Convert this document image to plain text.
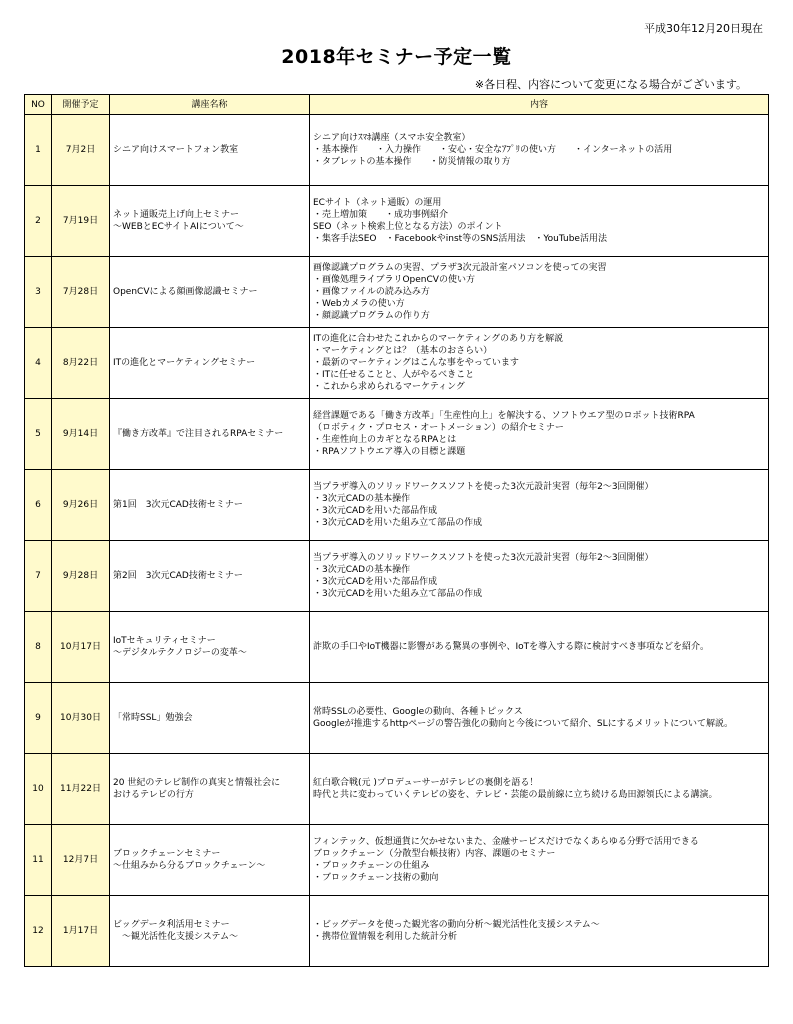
平成30年12月20日現在
2018年セミナー予定一覧
※各日程、内容について変更になる場合がございます。
NO	開催予定	講座名称	内容
1	7月2日	シニア向けスマートフォン教室	シニア向けｽﾏﾎ講座（スマホ安全教室）
・基本操作　　・入力操作　　・安心・安全なｱﾌﾟﾘの使い方　　・インターネットの活用
・タブレットの基本操作　　・防災情報の取り方
2	7月19日	ネット通販売上げ向上セミナー
～WEBとECサイトAIについて～	ECサイト（ネット通販）の運用
・売上増加策　　・成功事例紹介
SEO（ネット検索上位となる方法）のポイント
・集客手法SEO　・Facebookやinst等のSNS活用法　・YouTube活用法
3	7月28日	OpenCVによる顔画像認識セミナー	画像認識プログラムの実習、プラザ3次元設計室パソコンを使っての実習
・画像処理ライブラリOpenCVの使い方
・画像ファイルの読み込み方
・Webカメラの使い方
・顔認識プログラムの作り方
4	8月22日	ITの進化とマーケティングセミナー	ITの進化に合わせたこれからのマーケティングのあり方を解説
・マーケティングとは？（基本のおさらい）
・最新のマーケティングはこんな事をやっています
・ITに任せることと、人がやるべきこと
・これから求められるマーケティング
5	9月14日	『働き方改革』で注目されるRPAセミナー	経営課題である「働き方改革」「生産性向上」を解決する、ソフトウエア型のロボット技術RPA
（ロボティク・プロセス・オートメーション）の紹介セミナー
・生産性向上のカギとなるRPAとは
・RPAソフトウエア導入の目標と課題
6	9月26日	第1回　3次元CAD技術セミナー	当プラザ導入のソリッドワークスソフトを使った3次元設計実習（毎年2～3回開催）
・3次元CADの基本操作
・3次元CADを用いた部品作成
・3次元CADを用いた組み立て部品の作成
7	9月28日	第2回　3次元CAD技術セミナー	当プラザ導入のソリッドワークスソフトを使った3次元設計実習（毎年2～3回開催）
・3次元CADの基本操作
・3次元CADを用いた部品作成
・3次元CADを用いた組み立て部品の作成
8	10月17日	IoTセキュリティセミナー
～デジタルテクノロジーの変革～	詐欺の手口やIoT機器に影響がある驚異の事例や、IoTを導入する際に検討すべき事項などを紹介。
9	10月30日	「常時SSL」勉強会	常時SSLの必要性、Googleの動向、各種トピックス
Googleが推進するhttpページの警告強化の動向と今後について紹介、SLにするメリットについて解説。
10	11月22日	20 世紀のテレビ制作の真実と情報社会に
おけるテレビの行方	紅白歌合戦(元 )プロデューサーがテレビの裏側を語る！
時代と共に変わっていくテレビの姿を、テレビ・芸能の最前線に立ち続ける島田源領氏による講演。
11	12月7日	ブロックチェーンセミナー
～仕組みから分るブロックチェーン～	フィンテック、仮想通貨に欠かせないまた、金融サービスだけでなくあらゆる分野で活用できる
ブロックチェーン（分散型台帳技術）内容、課題のセミナー
・ブロックチェーンの仕組み
・ブロックチェーン技術の動向
12	1月17日	ビッグデータ利活用セミナー
　～観光活性化支援システム～	・ビッグデータを使った観光客の動向分析～観光活性化支援システム～
・携帯位置情報を利用した統計分析
